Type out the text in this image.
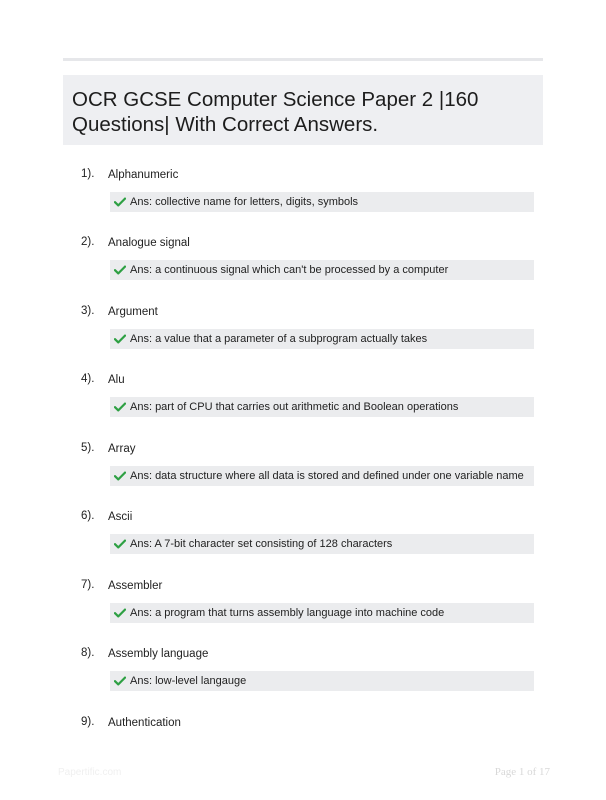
OCR GCSE Computer Science Paper 2 |160 Questions| With Correct Answers.
1). Alphanumeric
Ans: collective name for letters, digits, symbols
2). Analogue signal
Ans: a continuous signal which can't be processed by a computer
3). Argument
Ans: a value that a parameter of a subprogram actually takes
4). Alu
Ans: part of CPU that carries out arithmetic and Boolean operations
5). Array
Ans: data structure where all data is stored and defined under one variable name
6). Ascii
Ans: A 7-bit character set consisting of 128 characters
7). Assembler
Ans: a program that turns assembly language into machine code
8). Assembly language
Ans: low-level langauge
9). Authentication
Papertific.com	Page 1 of 17
